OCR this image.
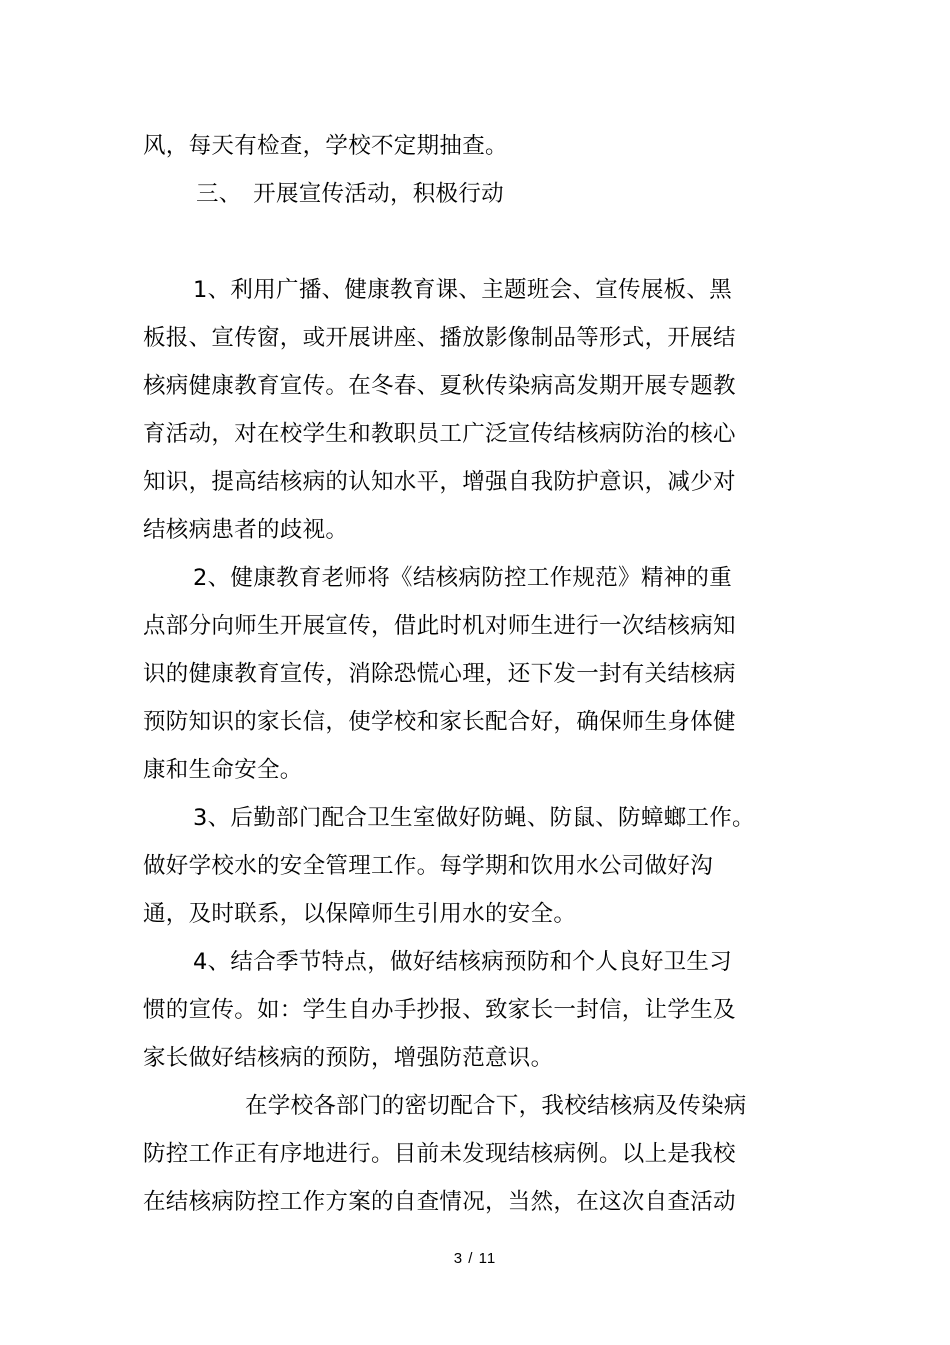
风，每天有检查，学校不定期抽查。
三、　开展宣传活动，积极行动
1、利用广播、健康教育课、主题班会、宣传展板、黑
板报、宣传窗，或开展讲座、播放影像制品等形式，开展结
核病健康教育宣传。在冬春、夏秋传染病高发期开展专题教
育活动，对在校学生和教职员工广泛宣传结核病防治的核心
知识，提高结核病的认知水平，增强自我防护意识，减少对
结核病患者的歧视。
2、健康教育老师将《结核病防控工作规范》精神的重
点部分向师生开展宣传，借此时机对师生进行一次结核病知
识的健康教育宣传，消除恐慌心理，还下发一封有关结核病
预防知识的家长信，使学校和家长配合好，确保师生身体健
康和生命安全。
3、后勤部门配合卫生室做好防蝇、防鼠、防蟑螂工作。
做好学校水的安全管理工作。每学期和饮用水公司做好沟
通，及时联系，以保障师生引用水的安全。
4、结合季节特点，做好结核病预防和个人良好卫生习
惯的宣传。如：学生自办手抄报、致家长一封信，让学生及
家长做好结核病的预防，增强防范意识。
在学校各部门的密切配合下，我校结核病及传染病
防控工作正有序地进行。目前未发现结核病例。以上是我校
在结核病防控工作方案的自查情况，当然，在这次自查活动
3 / 11
